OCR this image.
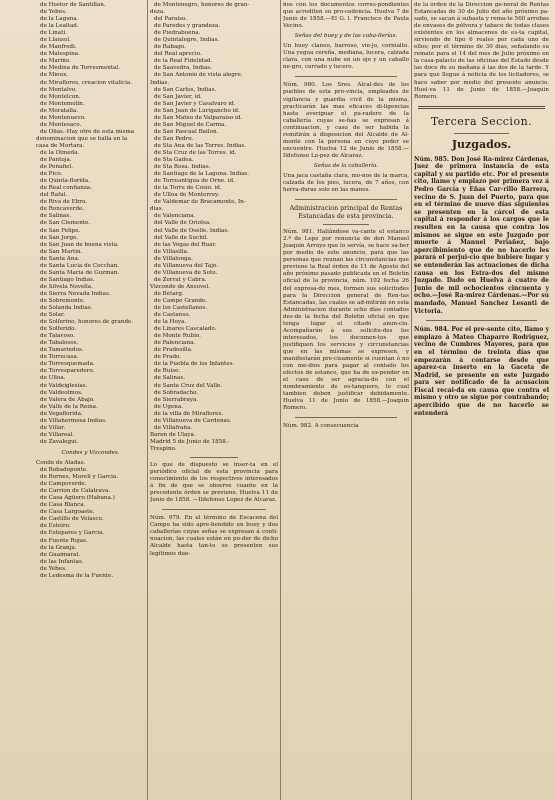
de Hostor de Santillan.
de Yebes.
de la Laguna.
de la Lealtad.
de Linati.
de Llansol.
de Manfredi.
de Malespina.
de Mariño.
de Medina de Torresmental.
de Mieux.
de Miraflores, creacion vitalicia.
de Montalvo.
de Montelcon.
de Montemolin.
de Moratalla.
de Montenuevo.
de Montesaco.
de Olias.-Hay otro de esta misma
denominacion que se halla en la
casa de Mortara.
de la Olmeda.
de Pantoja.
de Peñafiel.
de Pico.
de Quinta-florida.
de Real confianza.
del Rafal.
de Riva de Ebro.
de Roncaverde.
de Salinas.
de San Clemente.
de San Felipe.
de San Jorge.
de San Juan de buena vista.
de San Martin.
de Santa Ana.
de Santa Lucia de Cocchan.
de Santa Maria de Guzman.
de Santiago Indias.
de Silvela Novella.
de Sierra Nevada Indias.
de Sobremonte.
de Solanda Indias.
de Solar.
de Solferino, honores de grande.
de Solferido.
de Talavoso.
de Tabalosos.
de Tamarindos.
de Torrecasa.
de Torresquemada.
de Torresparedero.
de Ulloa.
de Valdeiglesias.
de Valdeolmos.
de Valera de Abajo.
de Valle de la Reina.
de Vegaflorida.
de Villahermosa Indias.
de Villar.
de Villareal.
de Zavalegui.
Condes y Vizcondes.
Conde de Aladas.
de Bobadoponte.
de Bornes, Morell y Garcia.
de Campoverde.
de Carrion de Calatrava.
de Casa Agüero (Habana.)
de Casa Blanca.
de Casa Largoaste.
de Castillo de Velasco.
de Esteiro.
de Estepares y Garcia.
de Fuente Rojas.
de la Granja.
de Guaimaral.
de las Infantas.
de Yebes.
de Ledesma de la Fuente.
de Montenegro, honores de gran-
deza.
del Paraiso.
de Paredes y grandeza.
de Piedrabuena.
de Quintalegre, Indias.
de Rabago.
del Real aprecio.
de la Real Fidelidad.
de Saavedra, Indias.
de San Antonio de vista alegre.
Indias.
de San Carlos, Indias.
de San Javier, id.
de San Javier y Casalvaro id.
de San Juan de Lurigancho id.
de San Mateo de Valparaiso id.
de San Miguel de Carma.
de San Pascual Bailon.
de San Pedro.
de Sta Ana de las Torres. Indias.
de Sta Cruz de las Torres. id.
de Sta Gadea.
de Sta Rosa. Indias.
de Santiago de la Laguna. Indias.
de Torreantigua de Orne. id.
de la Torre de Cosio. id.
de Ulloa de Monterrey.
de Valdemar de Bracamonte, In-
dias.
de Valenciana.
del Valle de Oriolsa.
del Valle de Oselle. Indias.
del Valle de Suchil.
de las Vegas del Ruar.
de Villasilla.
de Villalonga.
de Villanueva del Tajo.
de Villanueva de Soto.
de Zorrat y Cabra.
Vizconde de Ansovel.
de Bétarg.
de Campo Grande.
de los Castellanos.
de Castanso.
de la Hoya.
de Linares Cascalado.
de Monte Rubio.
de Palenciana.
de Pradosilla.
de Prado.
de la Puebla de los Infantes.
de Ruiso.
de Salinas.
de Santa Cruz del Valle.
de Sobradacho.
de Sierrabraya.
de Ugena.
de la villa de Miraflores.
de Villanueva de Cardenas.
de Villafraña.
Baron de Ulaya.
Madrid 5 de Junio de 1858.-
Trespino.
Lo que de dispuesto se inser-ta en el periódico oficial de esta provincia para conocimiento de los respectivos interesados á fin de que se observe cuanto en la precedente órden se previene. Huelva 11 de Junio de 1858. —Ildefonso Lopez de Alcaraz.
Núm. 979. En el término de Escacena del Campo ha sido apre-hendido un buey y dos caballerías cuyas señas se expresan á conti-nuacion, las cuales están en po-der de dicho Alcalde hasta tan-to se presenten sus legítimos due-
ños con los documentos corres-pondientes que acrediten su pro-cedencia. Huelva 7 de Junio de 1858.—El G. l. Francisco de Paula Vecino.
Señas del buey y de las caba-llerías.
Un buey claneo, barroso, vie-jo, cornialto. Una yegua cereña, mediana, lucera, calzada clara, con una nube en un ojo y un caballo ne-gro, cerrado y lucero.
Núm. 980. Los Sres. Alcal-des de los pueblos de esta pro-vincia, empleados de vigilancia y guardia civil de la misma, practicarán las mas eficaces di-ligencias hasta averiguar el pa-radero de la caballería cuyas se-ñas se expresan á continuacion, y caso de ser habida la remitirán á disposicion del Alcalde de Al-monte con la persona en cuyo poder se encuentre. Huelva 12 de Junio de 1858.—Ildefonso Lo-pez de Alcaraz.
Señas de la caballería.
Una jaca castaña clara, mo-nos de la marca, calzada de los pies, lucera, de 7 años, con herra-duras solo en las manos.
Administracion principal de Rentas Estancadas de esta provincia.
Núm. 981. Hallándose va-cante el estanco 2.º de Lepe por renuncia de don Manuel Joaquin Arroyo que lo servía, se hace sa-ber por medio de este anuncio, para que las personas que reunan las circunstancias que previene la Real órden de 11 de Agosto del año próximo pasado publicada en el Boletín oficial de la provincia, núm. 102 fecha 26 del expresa-do mes, formen sus solicitudes para la Direccion general de Ren-tas Estancadas, las cuales se ad-mitirán en esta Administracion durante ocho días contados des-de la fecha del Boletin oficial en que tenga lugar el citado anun-cio. Acompañarán á sus solicitu-des los interesados, los documen-tos que justifiquen los servicios y circunstancias que en las mismas se expresen, y manifestarán pre-cisamente si cuentan ó no con me-dios para pagar al contado los efectos de estanco, que ha de ex-pender en el caso de ser agracia-do con el nombramiento de es-tanquero, lo cual tambien deben justificar debidamente. Huelva 11 de Junio de 1858.—Joaquin Romero.
Núm. 982. A consecuencia
de la órden de la Direccion ge-neral de Rentas Estancadas de 30 de Julio del año próximo pa-sado, se sacan á subasta y rema-te 560 arrobas de envases de pólvora y tabaco de todas clases existentes en los almacenes de es-ta capital, sirviendo de tipo 6 reales por cada uno de ellos; por el término de 30 dias, señalando su remate para el 14 del mes de Julio próximo en la casa-palacio de las oficinas del Estado desde las doce de su mañana á las dos de la tarde. Y para que llegue á noticia de los licitadores, se hace saber por medio del presente anuncio. Huel-va 11 de Junio de 1858.—Joaquin Romero.
Tercera Seccion.
Juzgados.
Núm. 985. Don José Ra-mirez Cárdenas, Juez de primera instancia de esta capital y su partido etc. Por el presente cito, llamo y emplazo por primera vez á Pedro García y Eñas Car-rillo Barrera, vecino de S. Juan del Puerto, para que en el término de nueve días siguientes se presenten en la cárcel de esta capital á responder á los cargos que le resulten en la causa que contra los mismos se sigue en este Juzgado por muerte á Manuel Periañez, bajo apercibimiento que de no hacerlo les parará el perjui-cio que hubiere lugar y se entenderán las actuaciones de dicha causa en los Estra-dos del mismo Juzgado. Dado en Huelva á cuatro de Junio de mil ochocientos cincuenta y ocho.—José Ra-mirez Cárdenas.—Por su mandado, Manuel Sanchez Lesanti de Victoria.
Núm. 984. Por el pre-sente cito, llamo y emplazo á Mateo Chaparro Rodriguez, vecino de Cumbres Mayores, para que en el término de treinta días que empezarán á contarse desde que aparez-ca inserto en la Gaceta de Madrid, se presente en este Juzgado para ser notificado de la acusacion Fiscal recai-da en causa que contra el mismo y otro se sigue por contrabando; apercibido que de no hacerlo se entenderá
